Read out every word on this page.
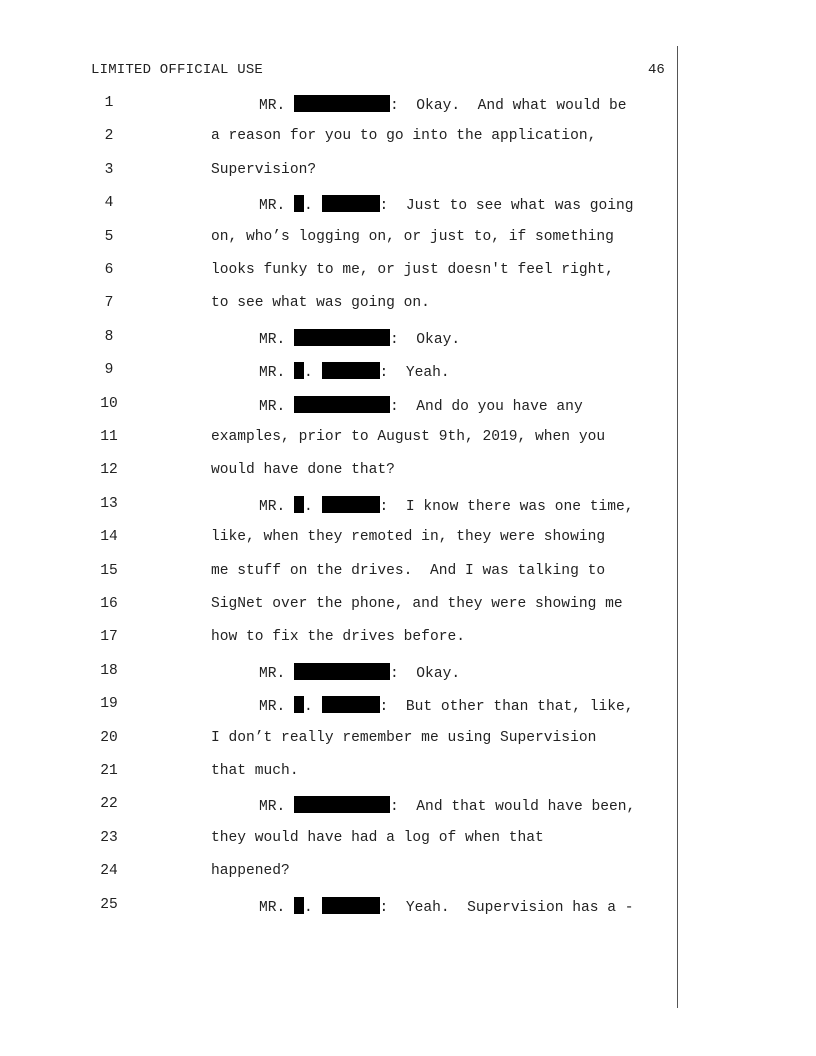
LIMITED OFFICIAL USE	46
1	MR.	:  Okay.  And what would be
2	a reason for you to go into the application,
3	Supervision?
4	MR. .	:  Just to see what was going
5	on, who’s logging on, or just to, if something
6	looks funky to me, or just doesn't feel right,
7	to see what was going on.
8	MR.	:  Okay.
9	MR. .	:  Yeah.
10	MR.	:  And do you have any
11	examples, prior to August 9th, 2019, when you
12	would have done that?
13	MR. .	:  I know there was one time,
14	like, when they remoted in, they were showing
15	me stuff on the drives.  And I was talking to
16	SigNet over the phone, and they were showing me
17	how to fix the drives before.
18	MR.	:  Okay.
19	MR. .	:  But other than that, like,
20	I don’t really remember me using Supervision
21	that much.
22	MR.	:  And that would have been,
23	they would have had a log of when that
24	happened?
25	MR. .	:  Yeah.  Supervision has a -
